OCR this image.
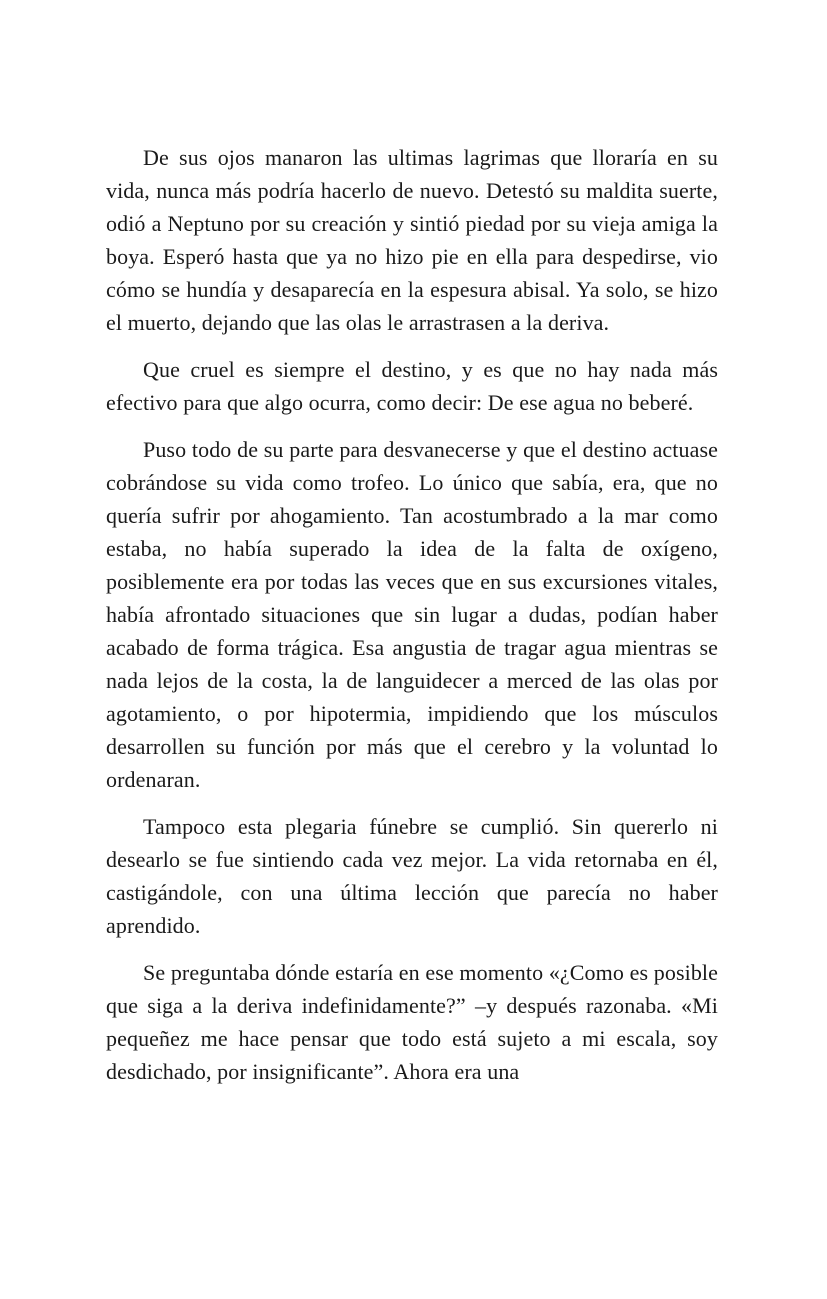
De sus ojos manaron las ultimas lagrimas que lloraría en su vida, nunca más podría hacerlo de nuevo. Detestó su maldita suerte, odió a Neptuno por su creación y sintió piedad por su vieja amiga la boya. Esperó hasta que ya no hizo pie en ella para despedirse, vio cómo se hundía y desaparecía en la espesura abisal. Ya solo, se hizo el muerto, dejando que las olas le arrastrasen a la deriva.

Que cruel es siempre el destino, y es que no hay nada más efectivo para que algo ocurra, como decir: De ese agua no beberé.

Puso todo de su parte para desvanecerse y que el destino actuase cobrándose su vida como trofeo. Lo único que sabía, era, que no quería sufrir por ahogamiento. Tan acostumbrado a la mar como estaba, no había superado la idea de la falta de oxígeno, posiblemente era por todas las veces que en sus excursiones vitales, había afrontado situaciones que sin lugar a dudas, podían haber acabado de forma trágica. Esa angustia de tragar agua mientras se nada lejos de la costa, la de languidecer a merced de las olas por agotamiento, o por hipotermia, impidiendo que los músculos desarrollen su función por más que el cerebro y la voluntad lo ordenaran.

Tampoco esta plegaria fúnebre se cumplió. Sin quererlo ni desearlo se fue sintiendo cada vez mejor. La vida retornaba en él, castigándole, con una última lección que parecía no haber aprendido.

Se preguntaba dónde estaría en ese momento «¿Como es posible que siga a la deriva indefinidamente?” –y después razonaba. «Mi pequeñez me hace pensar que todo está sujeto a mi escala, soy desdichado, por insignificante”. Ahora era una
